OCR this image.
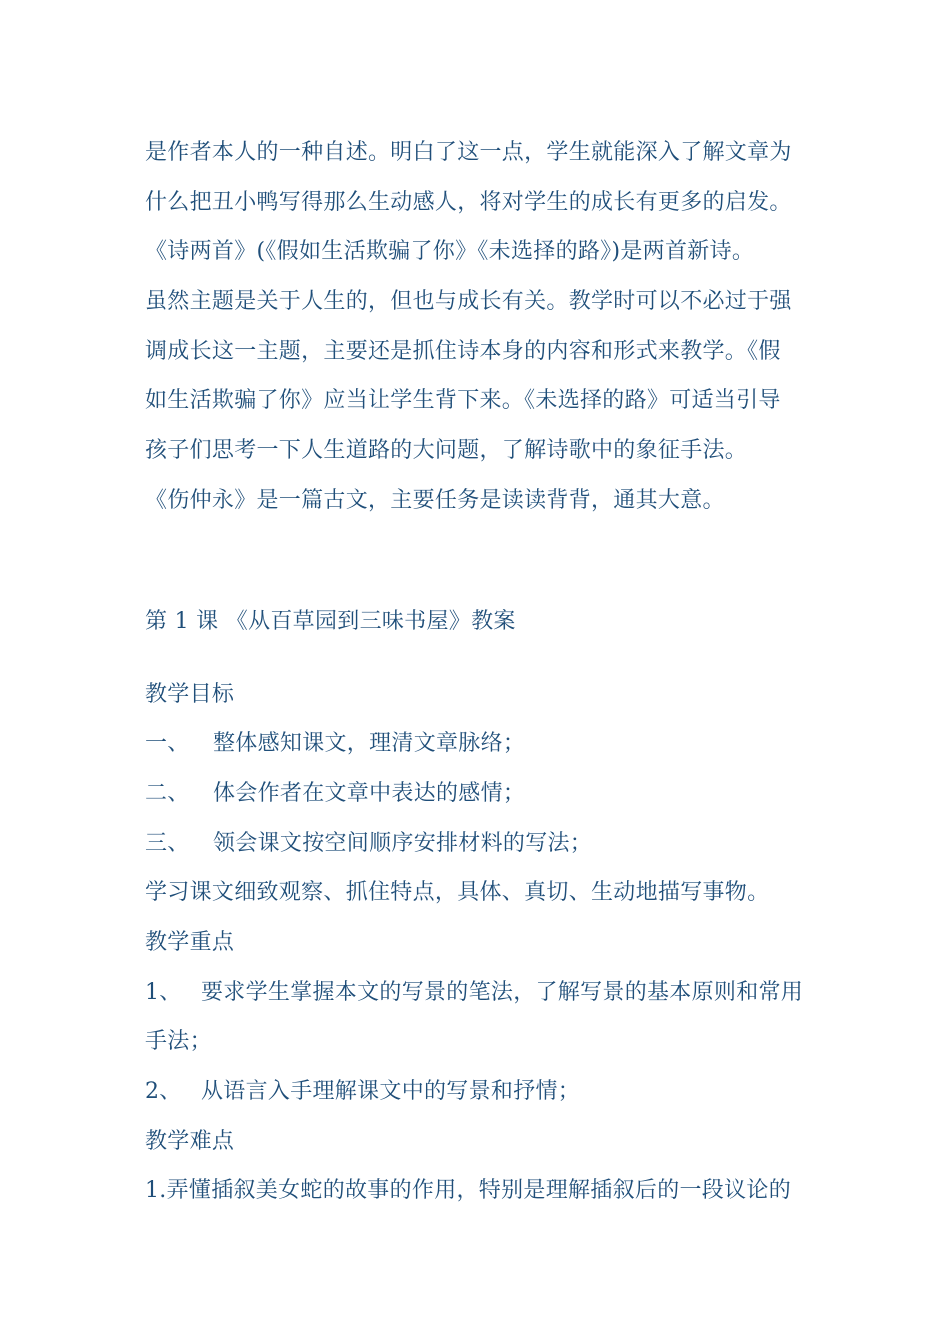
是作者本人的一种自述。明白了这一点，学生就能深入了解文章为
什么把丑小鸭写得那么生动感人，将对学生的成长有更多的启发。
《诗两首》(《假如生活欺骗了你》《未选择的路》)是两首新诗。
虽然主题是关于人生的，但也与成长有关。教学时可以不必过于强
调成长这一主题，主要还是抓住诗本身的内容和形式来教学。《假
如生活欺骗了你》应当让学生背下来。《未选择的路》可适当引导
孩子们思考一下人生道路的大问题，了解诗歌中的象征手法。
《伤仲永》是一篇古文，主要任务是读读背背，通其大意。
第 1 课 《从百草园到三味书屋》教案
教学目标
一、 整体感知课文，理清文章脉络；
二、 体会作者在文章中表达的感情；
三、 领会课文按空间顺序安排材料的写法；
学习课文细致观察、抓住特点，具体、真切、生动地描写事物。
教学重点
1、 要求学生掌握本文的写景的笔法，了解写景的基本原则和常用
手法；
2、 从语言入手理解课文中的写景和抒情；
教学难点
1.弄懂插叙美女蛇的故事的作用，特别是理解插叙后的一段议论的
